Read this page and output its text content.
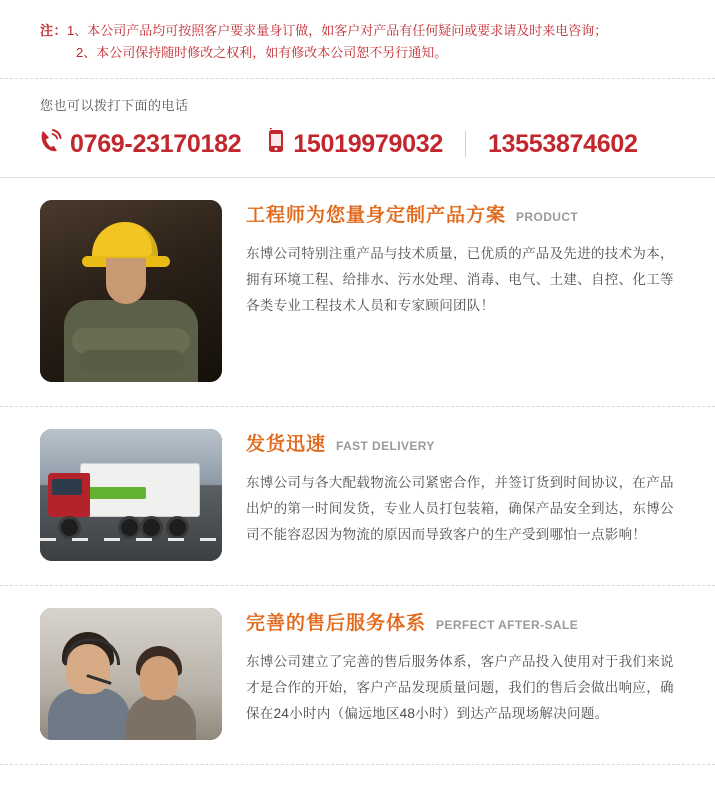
注： 1、本公司产品均可按照客户要求量身订做，如客户对产品有任何疑问或要求请及时来电咨询；
2、本公司保持随时修改之权利，如有修改本公司恕不另行通知。
您也可以拨打下面的电话
0769-23170182 15019979032 13553874602
工程师为您量身定制产品方案 PRODUCT
东博公司特别注重产品与技术质量，已优质的产品及先进的技术为本，拥有环境工程、给排水、污水处理、消毒、电气、土建、自控、化工等各类专业工程技术人员和专家顾问团队！
发货迅速 FAST DELIVERY
东博公司与各大配载物流公司紧密合作，并签订货到时间协议，在产品出炉的第一时间发货，专业人员打包装箱，确保产品安全到达，东博公司不能容忍因为物流的原因而导致客户的生产受到哪怕一点影响！
完善的售后服务体系 PERFECT AFTER-SALE
东博公司建立了完善的售后服务体系，客户产品投入使用对于我们来说才是合作的开始，客户产品发现质量问题，我们的售后会做出响应，确保在24小时内（偏远地区48小时）到达产品现场解决问题。
